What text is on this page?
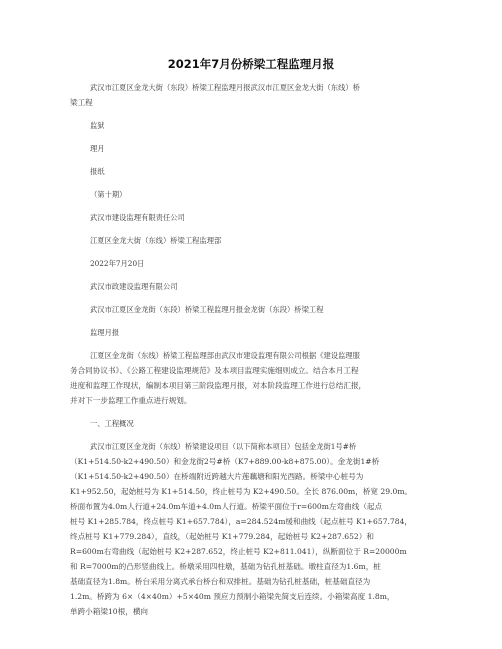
2021年7月份桥梁工程监理月报

武汉市江夏区金龙大街（东段）桥梁工程监理月报武汉市江夏区金龙大街（东线）桥

梁工程

监狱

理月

报纸

（第十期）

武汉市建设监理有限责任公司

江夏区金龙大街（东线）桥梁工程监理部

2022年7月20日

武汉市政建设监理有限公司

武汉市江夏区金龙街（东段）桥梁工程监理月报金龙街（东段）桥梁工程

监理月报

江夏区金龙街（东线）桥梁工程监理部由武汉市建设监理有限公司根据《建设监理服

务合同协议书》、《公路工程建设监理规范》及本项目监理实施细则成立。结合本月工程

进度和监理工作现状，编制本项目第三阶段监理月报，对本阶段监理工作进行总结汇报，

并对下一步监理工作重点进行规划。

一、工程概况

武汉市江夏区金龙街（东线）桥梁建设项目（以下简称本项目）包括金龙街1号#桥

（K1+514.50-k2+490.50）和金龙街2号#桥（K7+889.00-k8+875.00）。金龙街1#桥

（K1+514.50-k2+490.50）在桥端附近跨越大片莲藕塘和阳光西路。桥梁中心桩号为

K1+952.50，起始桩号为 K1+514.50，终止桩号为 K2+490.50。全长 876.00m，桥宽 29.0m。

桥面布置为4.0m人行道+24.0m车道+4.0m人行道。桥梁平面位于r=600m左弯曲线（起点

桩号 K1+285.784，终点桩号 K1+657.784），a=284.524m缓和曲线（起点桩号 K1+657.784，

终点桩号 K1+779.284），直线，（起始桩号 K1+779.284，起始桩号 K2+287.652）和

R=600m右弯曲线（起始桩号 K2+287.652，终止桩号 K2+811.041），纵断面位于 R=20000m

和 R=7000m的凸形竖曲线上。桥墩采用四柱墩，基础为钻孔桩基础。墩柱直径为1.6m，桩

基础直径为1.8m。桥台采用分离式承台桥台和双排桩。基础为钻孔桩基础，桩基础直径为

1.2m。桥跨为 6×（4×40m）+5×40m 预应力预制小箱梁先简支后连续。小箱梁高度 1.8m，

单跨小箱梁10根，横向
